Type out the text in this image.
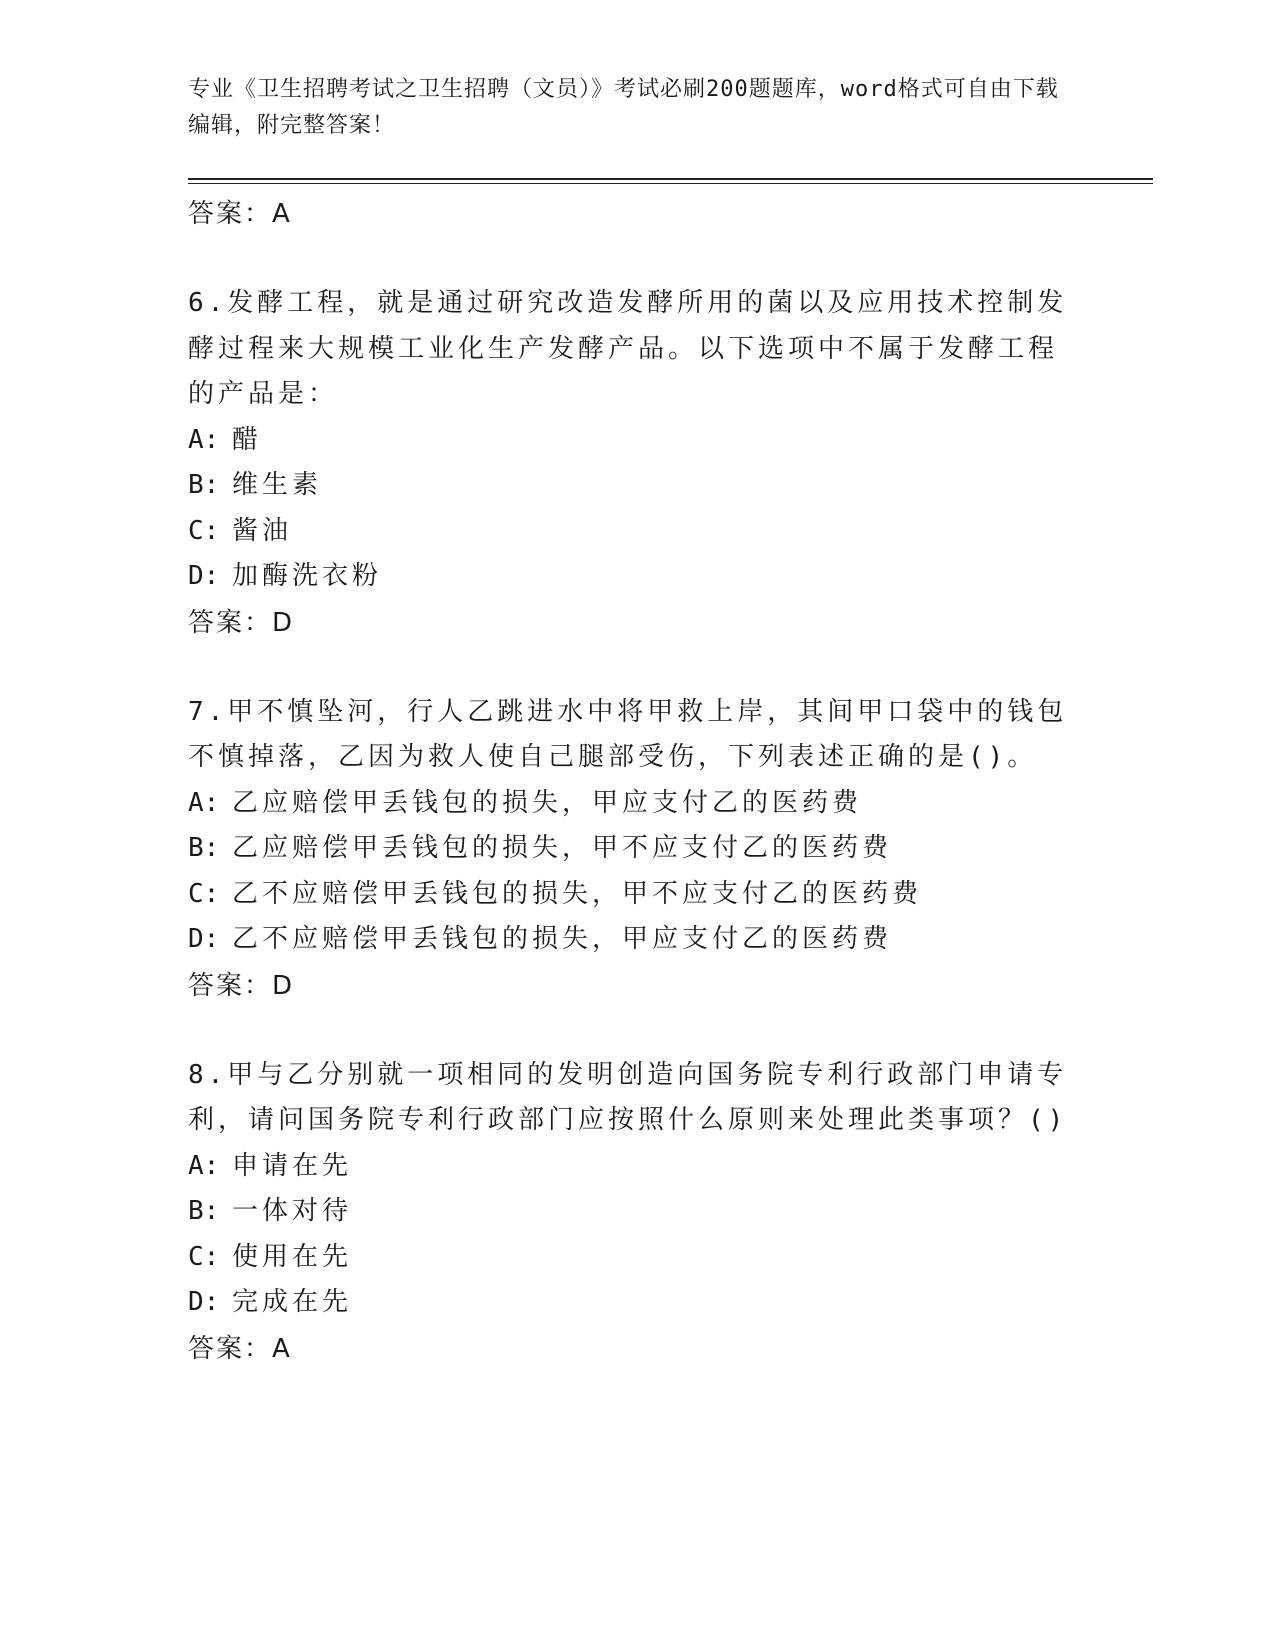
专业《卫生招聘考试之卫生招聘（文员）》考试必刷200题题库，word格式可自由下载编辑，附完整答案！
答案：A
6.发酵工程，就是通过研究改造发酵所用的菌以及应用技术控制发酵过程来大规模工业化生产发酵产品。以下选项中不属于发酵工程的产品是：
A: 醋
B: 维生素
C: 酱油
D: 加酶洗衣粉
答案：D
7.甲不慎坠河，行人乙跳进水中将甲救上岸，其间甲口袋中的钱包不慎掉落，乙因为救人使自己腿部受伤，下列表述正确的是()。
A: 乙应赔偿甲丢钱包的损失，甲应支付乙的医药费
B: 乙应赔偿甲丢钱包的损失，甲不应支付乙的医药费
C: 乙不应赔偿甲丢钱包的损失，甲不应支付乙的医药费
D: 乙不应赔偿甲丢钱包的损失，甲应支付乙的医药费
答案：D
8.甲与乙分别就一项相同的发明创造向国务院专利行政部门申请专利，请问国务院专利行政部门应按照什么原则来处理此类事项？()
A: 申请在先
B: 一体对待
C: 使用在先
D: 完成在先
答案：A
